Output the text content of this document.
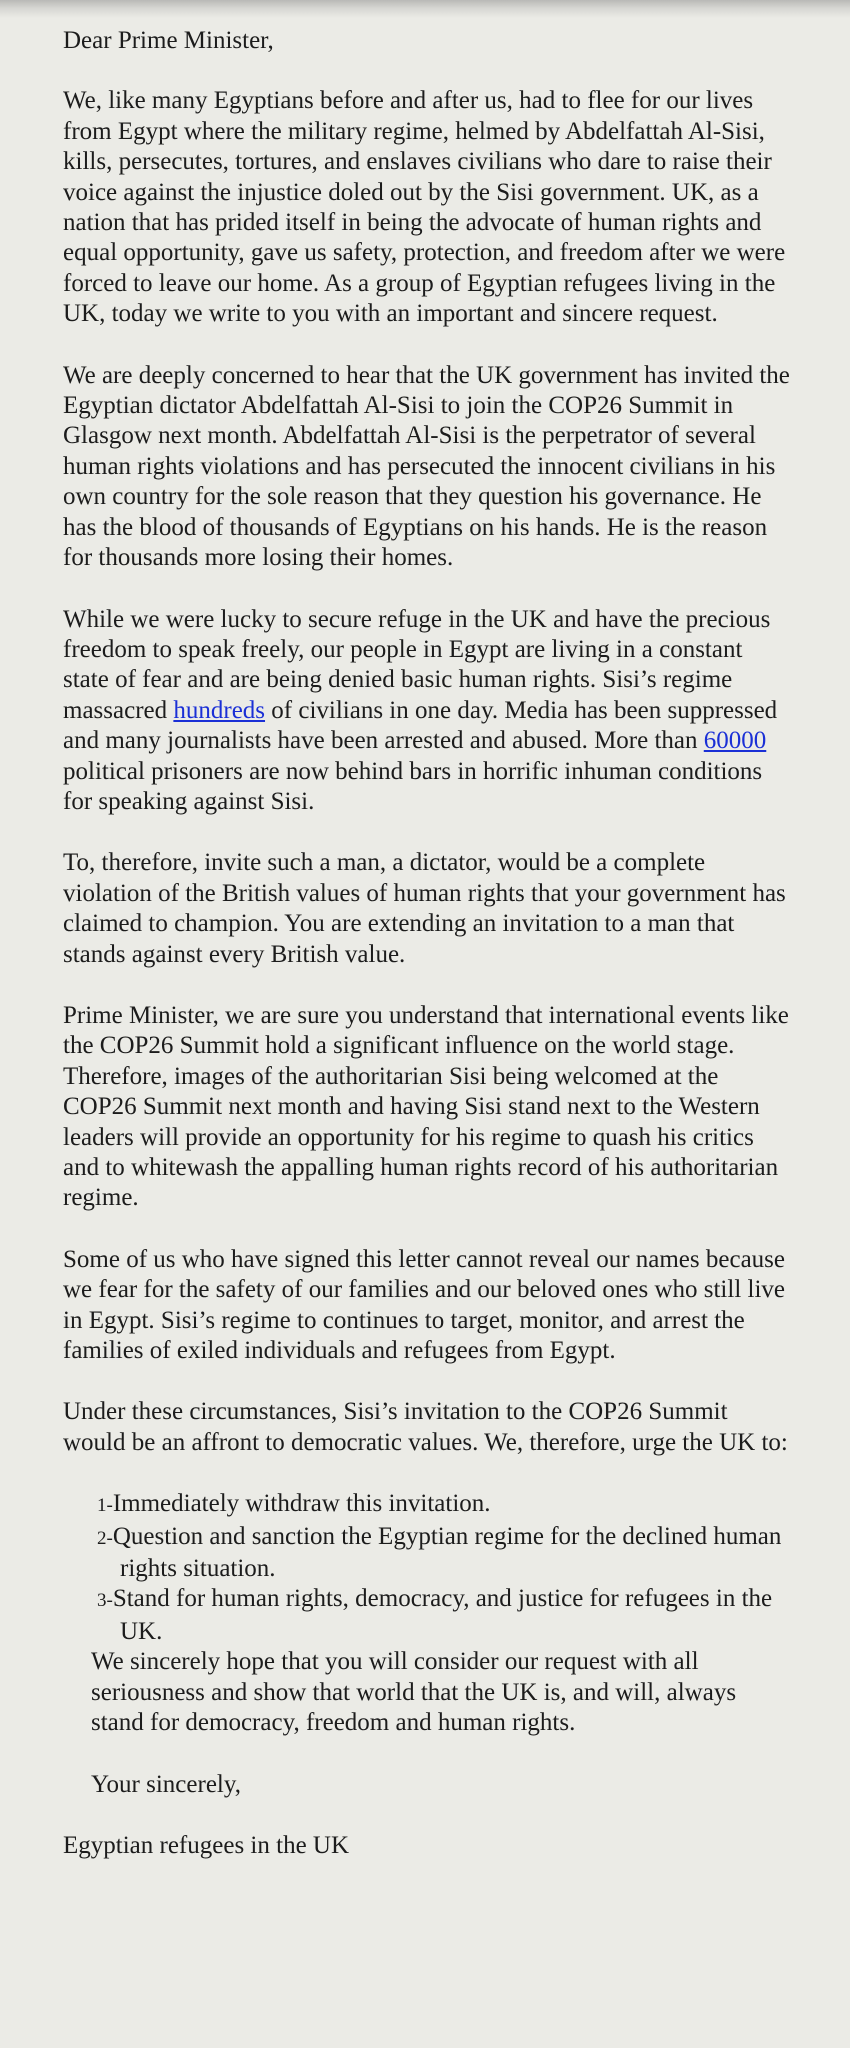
Dear Prime Minister,

We, like many Egyptians before and after us, had to flee for our lives from Egypt where the military regime, helmed by Abdelfattah Al-Sisi, kills, persecutes, tortures, and enslaves civilians who dare to raise their voice against the injustice doled out by the Sisi government. UK, as a nation that has prided itself in being the advocate of human rights and equal opportunity, gave us safety, protection, and freedom after we were forced to leave our home. As a group of Egyptian refugees living in the UK, today we write to you with an important and sincere request.

We are deeply concerned to hear that the UK government has invited the Egyptian dictator Abdelfattah Al-Sisi to join the COP26 Summit in Glasgow next month. Abdelfattah Al-Sisi is the perpetrator of several human rights violations and has persecuted the innocent civilians in his own country for the sole reason that they question his governance. He has the blood of thousands of Egyptians on his hands. He is the reason for thousands more losing their homes.

While we were lucky to secure refuge in the UK and have the precious freedom to speak freely, our people in Egypt are living in a constant state of fear and are being denied basic human rights. Sisi’s regime massacred hundreds of civilians in one day. Media has been suppressed and many journalists have been arrested and abused. More than 60000 political prisoners are now behind bars in horrific inhuman conditions for speaking against Sisi.

To, therefore, invite such a man, a dictator, would be a complete violation of the British values of human rights that your government has claimed to champion. You are extending an invitation to a man that stands against every British value.

Prime Minister, we are sure you understand that international events like the COP26 Summit hold a significant influence on the world stage. Therefore, images of the authoritarian Sisi being welcomed at the COP26 Summit next month and having Sisi stand next to the Western leaders will provide an opportunity for his regime to quash his critics and to whitewash the appalling human rights record of his authoritarian regime.

Some of us who have signed this letter cannot reveal our names because we fear for the safety of our families and our beloved ones who still live in Egypt. Sisi’s regime to continues to target, monitor, and arrest the families of exiled individuals and refugees from Egypt.

Under these circumstances, Sisi’s invitation to the COP26 Summit would be an affront to democratic values. We, therefore, urge the UK to:

1-Immediately withdraw this invitation.
2-Question and sanction the Egyptian regime for the declined human rights situation.
3-Stand for human rights, democracy, and justice for refugees in the UK.

We sincerely hope that you will consider our request with all seriousness and show that world that the UK is, and will, always stand for democracy, freedom and human rights.

Your sincerely,

Egyptian refugees in the UK
